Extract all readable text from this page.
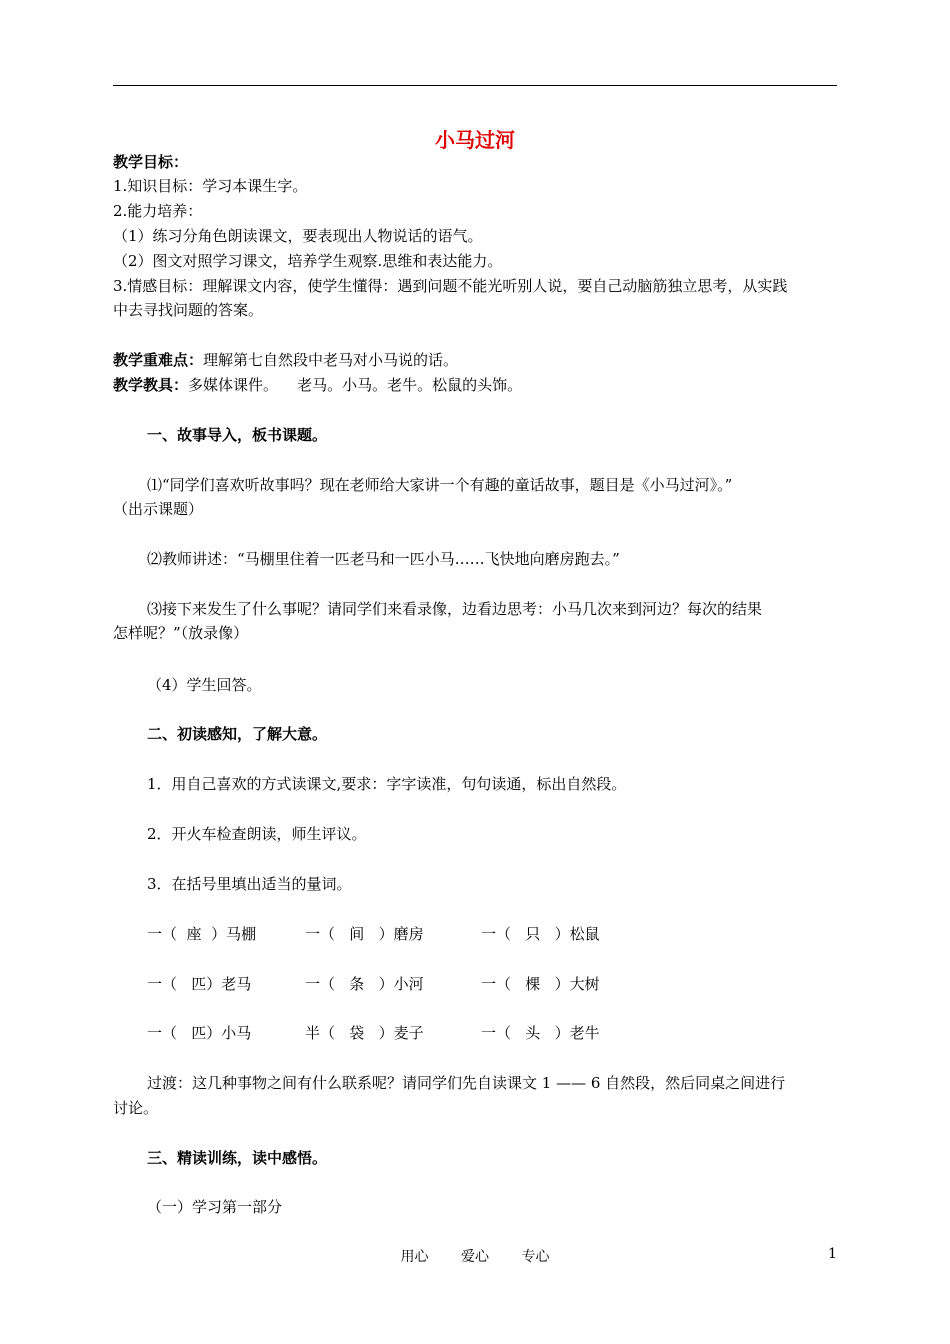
小马过河
教学目标：
1.知识目标：学习本课生字。
2.能力培养：
（1）练习分角色朗读课文，要表现出人物说话的语气。
（2）图文对照学习课文，培养学生观察.思维和表达能力。
3.情感目标：理解课文内容，使学生懂得：遇到问题不能光听别人说，要自己动脑筋独立思考，从实践
中去寻找问题的答案。
教学重难点：理解第七自然段中老马对小马说的话。
教学教具：多媒体课件。    老马。小马。老牛。松鼠的头饰。
一、故事导入，板书课题。
⑴“同学们喜欢听故事吗？现在老师给大家讲一个有趣的童话故事，题目是《小马过河》。”
（出示课题）
⑵教师讲述：“马棚里住着一匹老马和一匹小马……飞快地向磨房跑去。”
⑶接下来发生了什么事呢？请同学们来看录像，边看边思考：小马几次来到河边？每次的结果
怎样呢？”（放录像）
（4）学生回答。
二、初读感知，了解大意。
1．用自己喜欢的方式读课文,要求：字字读准，句句读通，标出自然段。
2．开火车检查朗读，师生评议。
3．在括号里填出适当的量词。
一（  座  ）马棚	一（   间   ）磨房	一（   只   ）松鼠
一（   匹）老马	一（   条   ）小河	一（   棵   ）大树
一（   匹）小马	半（   袋   ）麦子	一（   头   ）老牛
过渡：这几种事物之间有什么联系呢？请同学们先自读课文 1 —— 6 自然段，然后同桌之间进行
讨论。
三、精读训练，读中感悟。
（一）学习第一部分
用心 爱心 专心	1
